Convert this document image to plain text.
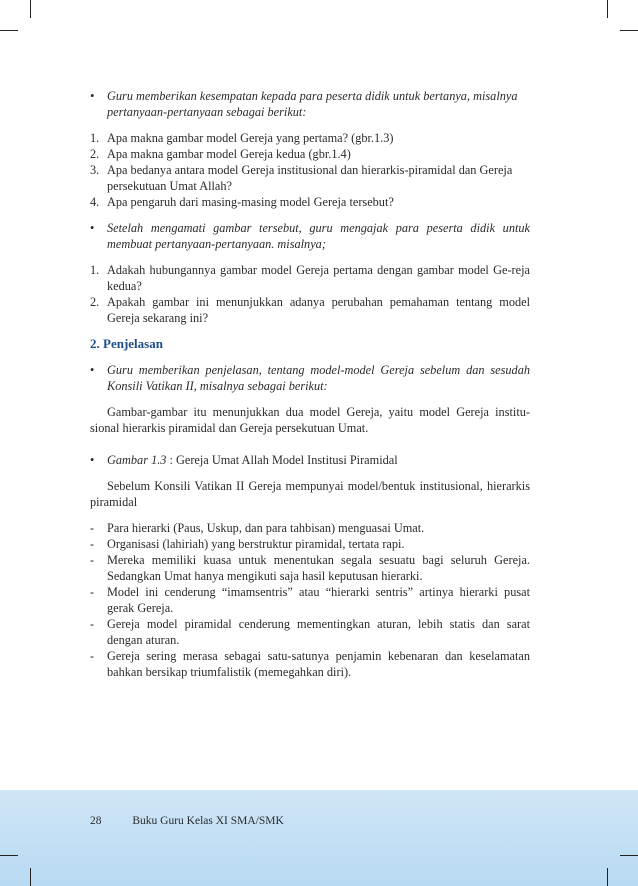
• Guru memberikan kesempatan kepada para peserta didik untuk bertanya, misalnya pertanyaan-pertanyaan sebagai berikut:

1. Apa makna gambar model Gereja yang pertama? (gbr.1.3)

2. Apa makna gambar model Gereja kedua (gbr.1.4)

3. Apa bedanya antara model Gereja institusional dan hierarkis-piramidal dan Gereja persekutuan Umat Allah?

4. Apa pengaruh dari masing-masing model Gereja tersebut?

• Setelah mengamati gambar tersebut, guru mengajak para peserta didik untuk membuat pertanyaan-pertanyaan. misalnya;

1. Adakah hubungannya gambar model Gereja pertama dengan gambar model Ge-reja kedua?

2. Apakah gambar ini menunjukkan adanya perubahan pemahaman tentang model Gereja sekarang ini?

2. Penjelasan

• Guru memberikan penjelasan, tentang model-model Gereja sebelum dan sesudah Konsili Vatikan II, misalnya sebagai berikut:

Gambar-gambar itu menunjukkan dua model Gereja, yaitu model Gereja institu-sional hierarkis piramidal dan Gereja persekutuan Umat.

• Gambar 1.3 : Gereja Umat Allah Model Institusi Piramidal

Sebelum Konsili Vatikan II Gereja mempunyai model/bentuk institusional, hierarkis piramidal

- Para hierarki (Paus, Uskup, dan para tahbisan) menguasai Umat.

- Organisasi (lahiriah) yang berstruktur piramidal, tertata rapi.

- Mereka memiliki kuasa untuk menentukan segala sesuatu bagi seluruh Gereja. Sedangkan Umat hanya mengikuti saja hasil keputusan hierarki.

- Model ini cenderung “imamsentris” atau “hierarki sentris” artinya hierarki pusat gerak Gereja.

- Gereja model piramidal cenderung mementingkan aturan, lebih statis dan sarat dengan aturan.

- Gereja sering merasa sebagai satu-satunya penjamin kebenaran dan keselamatan bahkan bersikap triumfalistik (memegahkan diri).

28	Buku Guru Kelas XI SMA/SMK
